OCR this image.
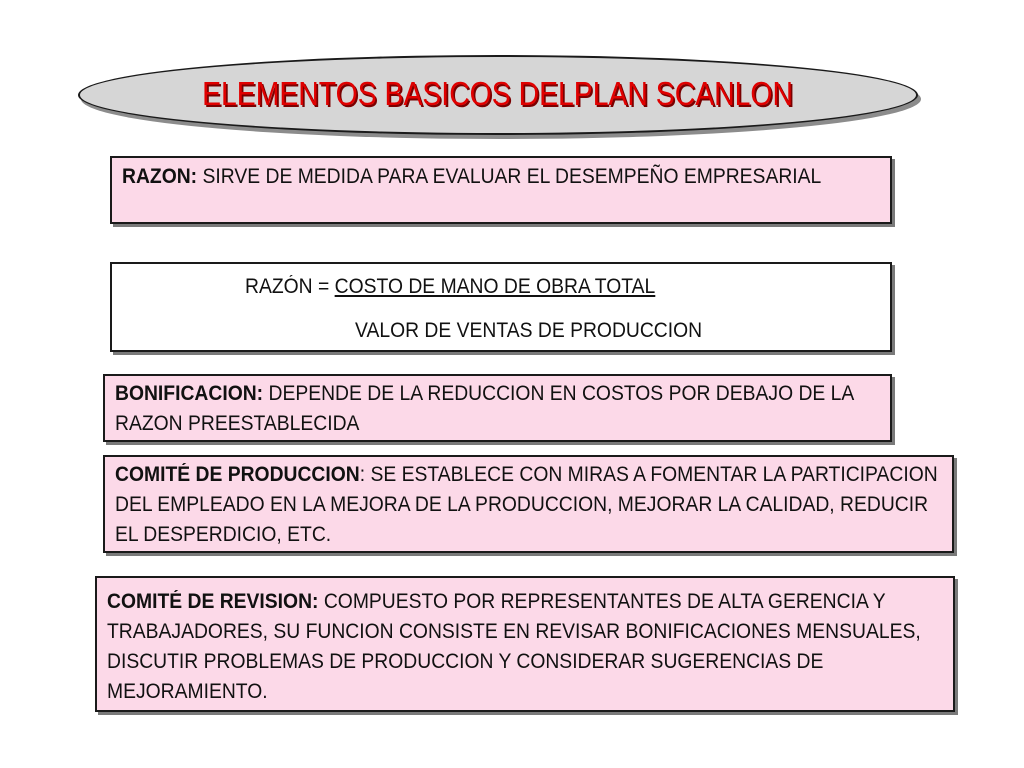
ELEMENTOS BASICOS DELPLAN SCANLON
RAZON: SIRVE DE MEDIDA PARA EVALUAR EL DESEMPEÑO EMPRESARIAL
RAZÓN = COSTO DE MANO DE OBRA TOTAL
VALOR DE VENTAS DE PRODUCCION
BONIFICACION: DEPENDE DE LA REDUCCION EN COSTOS POR DEBAJO DE LA RAZON PREESTABLECIDA
COMITÉ DE PRODUCCION: SE ESTABLECE CON MIRAS A FOMENTAR LA PARTICIPACION DEL EMPLEADO EN LA MEJORA DE LA PRODUCCION, MEJORAR LA CALIDAD, REDUCIR EL DESPERDICIO, ETC.
COMITÉ DE REVISION: COMPUESTO POR REPRESENTANTES DE ALTA GERENCIA Y TRABAJADORES, SU FUNCION CONSISTE EN REVISAR BONIFICACIONES MENSUALES, DISCUTIR PROBLEMAS DE PRODUCCION Y CONSIDERAR SUGERENCIAS DE MEJORAMIENTO.
